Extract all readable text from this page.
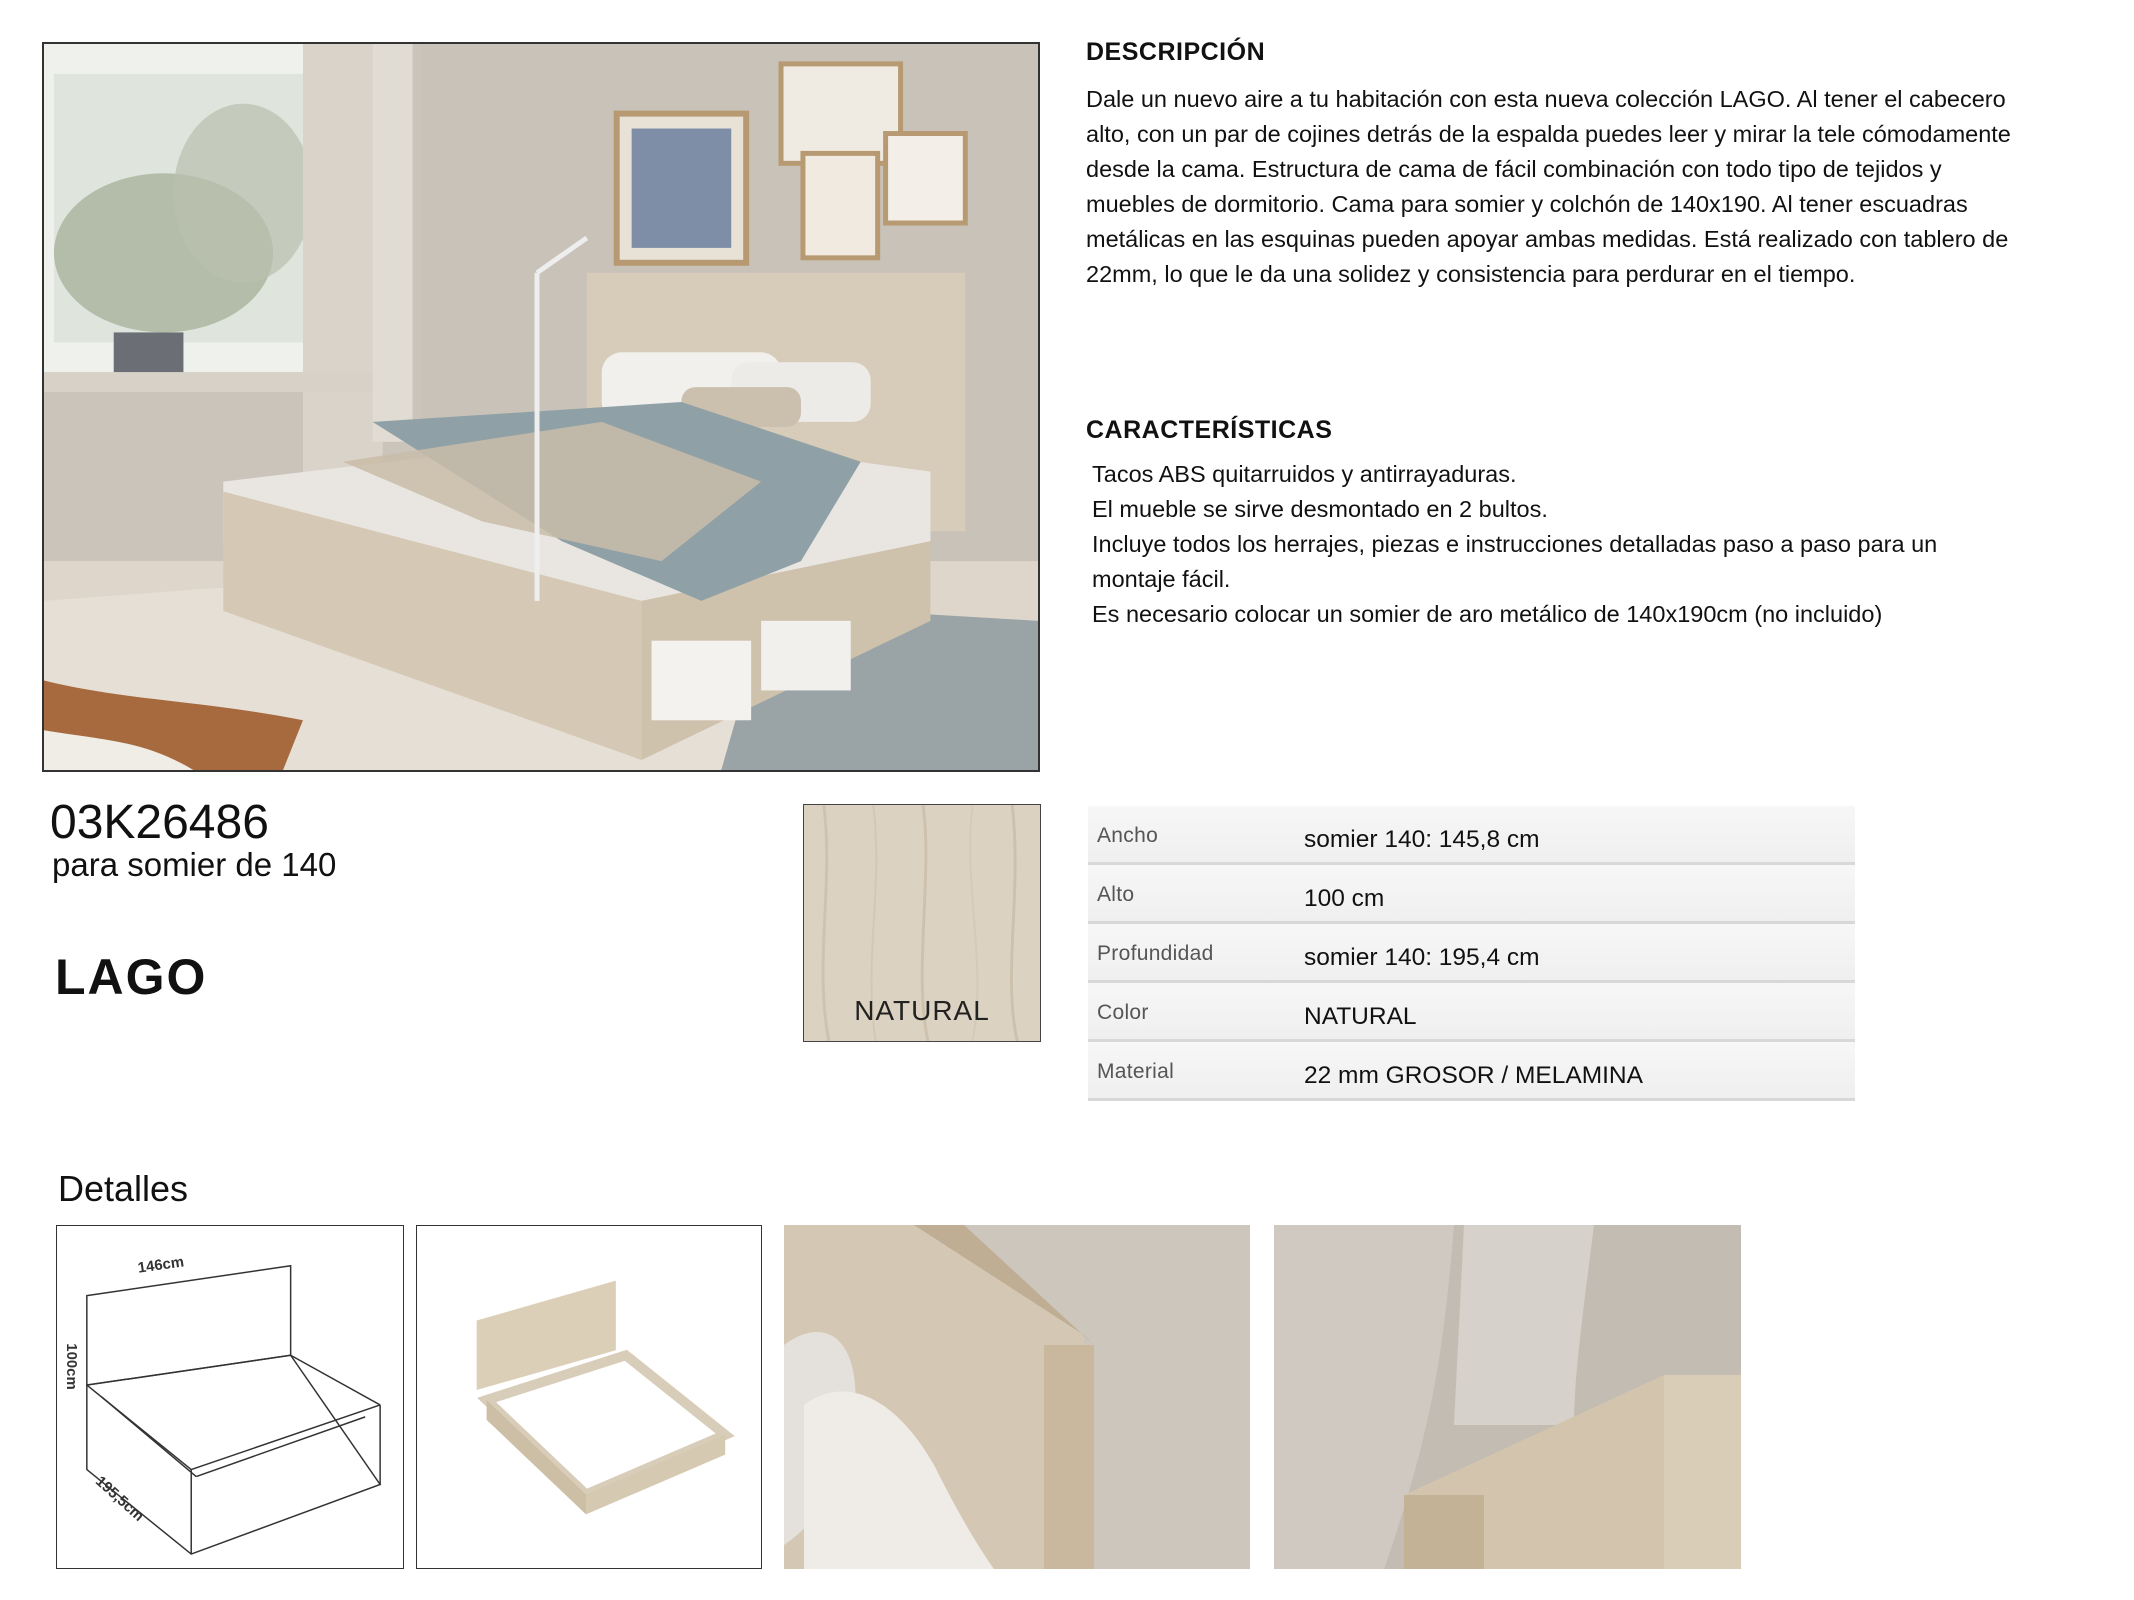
DESCRIPCIÓN
Dale un nuevo aire a tu habitación con esta nueva colección LAGO. Al tener el cabecero
alto, con un par de cojines detrás de la espalda puedes leer y mirar la tele cómodamente
desde la cama. Estructura de cama de fácil combinación con todo tipo de tejidos y
muebles de dormitorio. Cama para somier y colchón de 140x190. Al tener escuadras
metálicas en las esquinas pueden apoyar ambas medidas. Está realizado con tablero de
22mm, lo que le da una solidez y consistencia para perdurar en el tiempo.
CARACTERÍSTICAS
Tacos ABS quitarruidos y antirrayaduras.
El mueble se sirve desmontado en 2 bultos.
Incluye todos los herrajes, piezas e instrucciones detalladas paso a paso para un
montaje fácil.
Es necesario colocar un somier de aro metálico de 140x190cm (no incluido)
03K26486
para somier de 140
LAGO
NATURAL
Ancho	somier 140: 145,8 cm
Alto	100 cm
Profundidad	somier 140: 195,4 cm
Color	NATURAL
Material	22 mm GROSOR / MELAMINA
Detalles
146cm
100cm
195,5cm
